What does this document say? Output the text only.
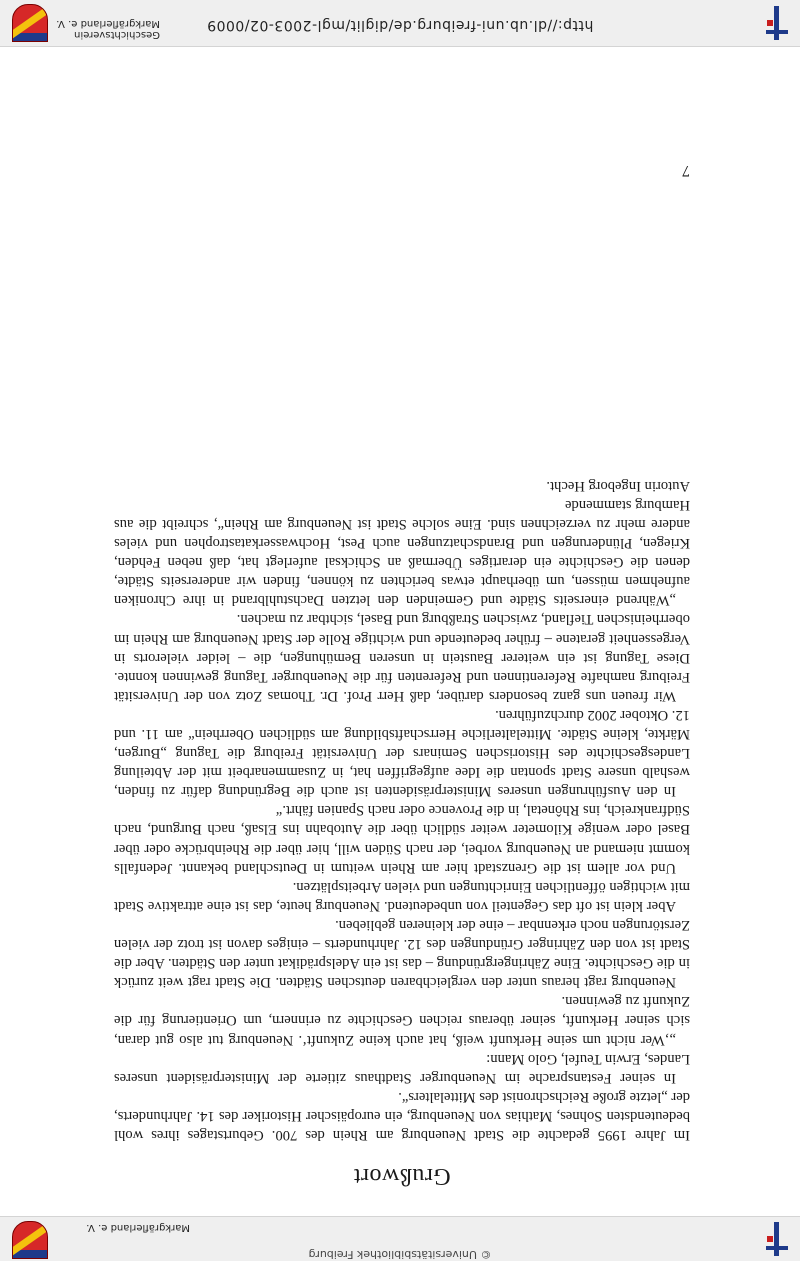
© Universitätsbibliothek Freiburg
Markgräflerland e. V.
Grußwort

Im Jahre 1995 gedachte die Stadt Neuenburg am Rhein des 700. Geburtstages ihres wohl bedeutendsten Sohnes, Mathias von Neuenburg, ein europäischer Historiker des 14. Jahrhunderts, der „letzte große Reichschronist des Mittelalters“.

In seiner Festansprache im Neuenburger Stadthaus zitierte der Ministerpräsident unseres Landes, Erwin Teufel, Golo Mann:

„‚Wer nicht um seine Herkunft weiß, hat auch keine Zukunft‘. Neuenburg tut also gut daran, sich seiner Herkunft, seiner überaus reichen Geschichte zu erinnern, um Orientierung für die Zukunft zu gewinnen.

Neuenburg ragt heraus unter den vergleichbaren deutschen Städten. Die Stadt ragt weit zurück in die Geschichte. Eine Zähringergründung – das ist ein Adelsprädikat unter den Städten. Aber die Stadt ist von den Zähringer Gründungen des 12. Jahrhunderts – einiges davon ist trotz der vielen Zerstörungen noch erkennbar – eine der kleineren geblieben.

Aber klein ist oft das Gegenteil von unbedeutend. Neuenburg heute, das ist eine attraktive Stadt mit wichtigen öffentlichen Einrichtungen und vielen Arbeitsplätzen.

Und vor allem ist die Grenzstadt hier am Rhein weitum in Deutschland bekannt. Jedenfalls kommt niemand an Neuenburg vorbei, der nach Süden will, hier über die Rheinbrücke oder über Basel oder wenige Kilometer weiter südlich über die Autobahn ins Elsaß, nach Burgund, nach Südfrankreich, ins Rhônetal, in die Provence oder nach Spanien fährt.“

In den Ausführungen unseres Ministerpräsidenten ist auch die Begründung dafür zu finden, weshalb unsere Stadt spontan die Idee aufgegriffen hat, in Zusammenarbeit mit der Abteilung Landesgeschichte des Historischen Seminars der Universität Freiburg die Tagung „Burgen, Märkte, kleine Städte. Mittelalterliche Herrschaftsbildung am südlichen Oberrhein“ am 11. und 12. Oktober 2002 durchzuführen.

Wir freuen uns ganz besonders darüber, daß Herr Prof. Dr. Thomas Zotz von der Universität Freiburg namhafte Referentinnen und Referenten für die Neuenburger Tagung gewinnen konnte. Diese Tagung ist ein weiterer Baustein in unseren Bemühungen, die – leider vielerorts in Vergessenheit geratene – früher bedeutende und wichtige Rolle der Stadt Neuenburg am Rhein im oberrheinischen Tiefland, zwischen Straßburg und Basel, sichtbar zu machen.

„Während einerseits Städte und Gemeinden den letzten Dachstuhlbrand in ihre Chroniken aufnehmen müssen, um überhaupt etwas berichten zu können, finden wir andererseits Städte, denen die Geschichte ein derartiges Übermaß an Schicksal auferlegt hat, daß neben Fehden, Kriegen, Plünderungen und Brandschatzungen auch Pest, Hochwasserkatastrophen und vieles andere mehr zu verzeichnen sind. Eine solche Stadt ist Neuenburg am Rhein“, schreibt die aus Hamburg stammende

Autorin Ingeborg Hecht.

7
http://dl.ub.uni-freiburg.de/diglit/mgl-2003-02/0009
Geschichtsverein
Markgräflerland e. V.
